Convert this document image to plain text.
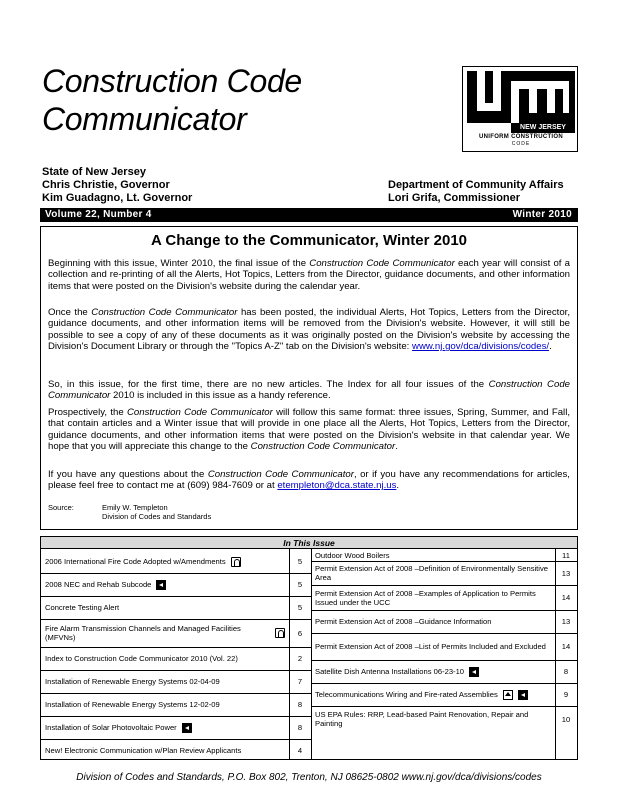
Construction Code
Communicator	NEW JERSEY
UNIFORM CONSTRUCTION
CODE
State of New Jersey
Chris Christie, Governor
Kim Guadagno, Lt. Governor
Department of Community Affairs
Lori Grifa, Commissioner
Volume 22, Number 4	Winter 2010
A Change to the Communicator, Winter 2010
Beginning with this issue, Winter 2010, the final issue of the Construction Code Communicator each year will consist of a collection and re-printing of all the Alerts, Hot Topics, Letters from the Director, guidance documents, and other information items that were posted on the Division's website during the calendar year.
Once the Construction Code Communicator has been posted, the individual Alerts, Hot Topics, Letters from the Director, guidance documents, and other information items will be removed from the Division's website. However, it will still be possible to see a copy of any of these documents as it was originally posted on the Division's website by accessing the Division's Document Library or through the "Topics A-Z" tab on the Division's website: www.nj.gov/dca/divisions/codes/.
So, in this issue, for the first time, there are no new articles. The Index for all four issues of the Construction Code Communicator 2010 is included in this issue as a handy reference.
Prospectively, the Construction Code Communicator will follow this same format: three issues, Spring, Summer, and Fall, that contain articles and a Winter issue that will provide in one place all the Alerts, Hot Topics, Letters from the Director, guidance documents, and other information items that were posted on the Division's website in that calendar year. We hope that you will appreciate this change to the Construction Code Communicator.
If you have any questions about the Construction Code Communicator, or if you have any recommendations for articles, please feel free to contact me at (609) 984-7609 or at etempleton@dca.state.nj.us.
Source:	Emily W. Templeton
Division of Codes and Standards
In This Issue
2006 International Fire Code Adopted w/Amendments	5
2008 NEC and Rehab Subcode	5
Concrete Testing Alert	5
Fire Alarm Transmission Channels and Managed Facilities (MFVNs)	6
Index to Construction Code Communicator 2010 (Vol. 22)	2
Installation of Renewable Energy Systems 02-04-09	7
Installation of Renewable Energy Systems 12-02-09	8
Installation of Solar Photovoltaic Power	8
New! Electronic Communication w/Plan Review Applicants	4
Outdoor Wood Boilers	11
Permit Extension Act of 2008 –Definition of Environmentally Sensitive Area	13
Permit Extension Act of 2008 –Examples of Application to Permits Issued under the UCC	14
Permit Extension Act of 2008 –Guidance Information	13
Permit Extension Act of 2008 –List of Permits Included and Excluded	14
Satellite Dish Antenna Installations 06-23-10	8
Telecommunications Wiring and Fire-rated Assemblies	9
US EPA Rules: RRP, Lead-based Paint Renovation, Repair and Painting	10
Division of Codes and Standards, P.O. Box 802, Trenton, NJ 08625-0802 www.nj.gov/dca/divisions/codes
